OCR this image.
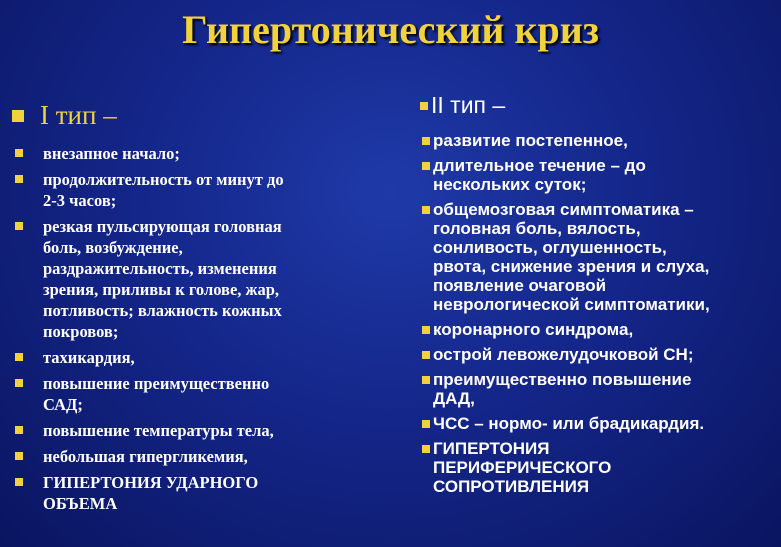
Гипертонический криз
I тип –
внезапное начало;
продолжительность от минут до
2-3 часов;
резкая пульсирующая головная
боль, возбуждение,
раздражительность, изменения
зрения, приливы к голове, жар,
потливость; влажность кожных
покровов;
тахикардия,
повышение преимущественно
САД;
повышение температуры тела,
небольшая гипергликемия,
ГИПЕРТОНИЯ УДАРНОГО
ОБЪЕМА
II тип –
развитие постепенное,
длительное течение – до
нескольких суток;
общемозговая симптоматика –
головная боль, вялость,
сонливость, оглушенность,
рвота, снижение зрения и слуха,
появление очаговой
неврологической симптоматики,
коронарного синдрома,
острой левожелудочковой СН;
преимущественно повышение
ДАД,
ЧСС – нормо- или брадикардия.
ГИПЕРТОНИЯ
ПЕРИФЕРИЧЕСКОГО
СОПРОТИВЛЕНИЯ
